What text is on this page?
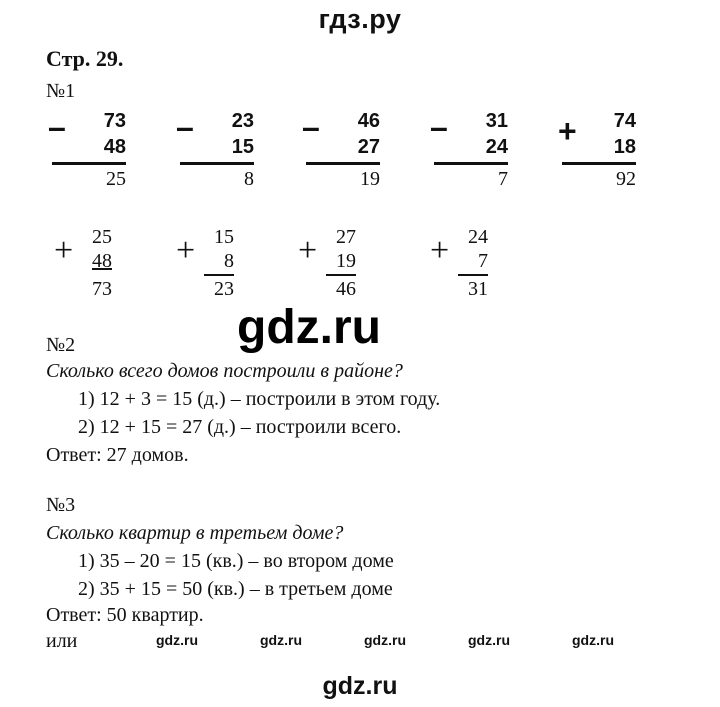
гдз.ру
Стр. 29.
№1
–	73
48
25
–	23
15
8
–	46
27
19
–	31
24
7
+	74
18
92
+ 25
48
73
+ 15
8
23
+ 27
19
46
+ 24
7
31
gdz.ru
№2
Сколько всего домов построили в районе?
1) 12 + 3 = 15 (д.) – построили в этом году.
2) 12 + 15 = 27 (д.) – построили всего.
Ответ: 27 домов.
№3
Сколько квартир в третьем доме?
1) 35 – 20 = 15 (кв.) – во втором доме
2) 35 + 15 = 50 (кв.) – в третьем доме
Ответ: 50 квартир.
или	gdz.ru	gdz.ru	gdz.ru	gdz.ru	gdz.ru
gdz.ru
